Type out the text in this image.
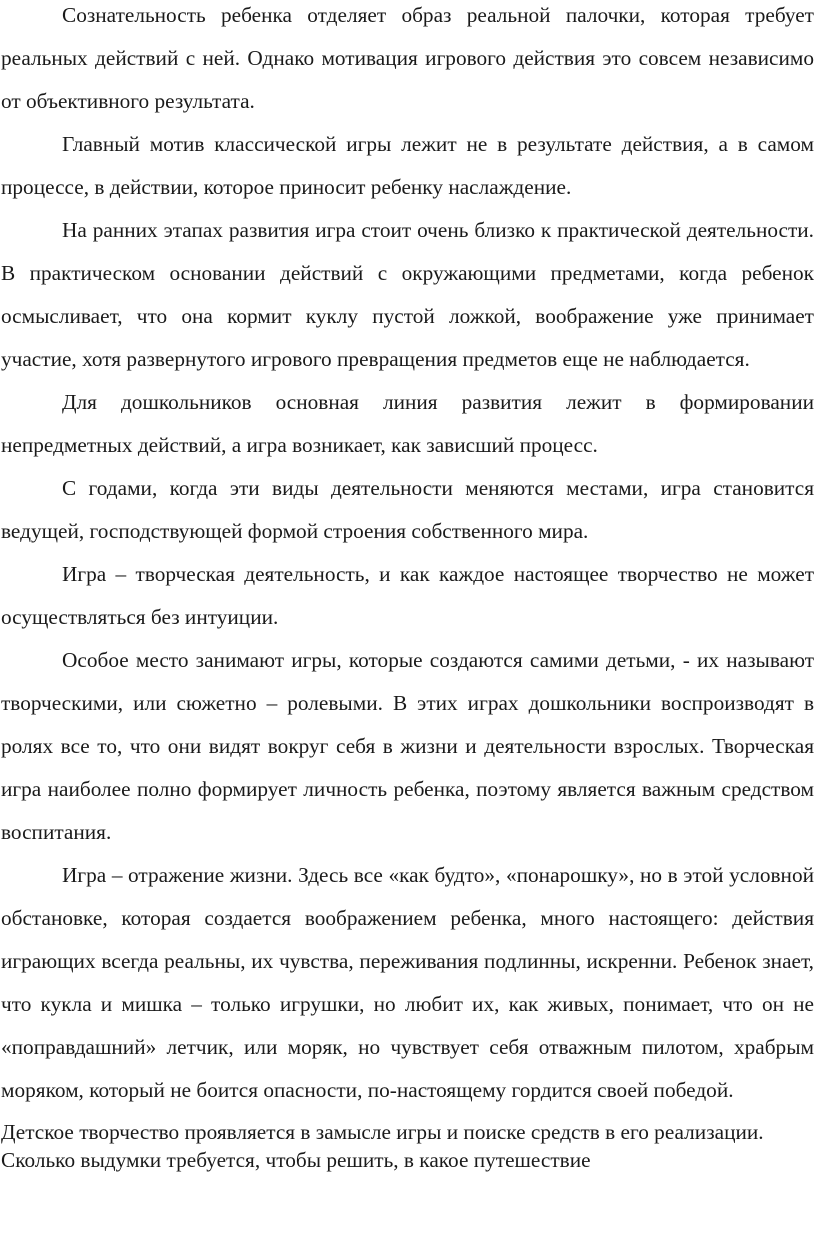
Сознательность ребенка отделяет образ реальной палочки, которая требует реальных действий с ней. Однако мотивация игрового действия это совсем независимо от объективного результата.

Главный мотив классической игры лежит не в результате действия, а в самом процессе, в действии, которое приносит ребенку наслаждение.

На ранних этапах развития игра стоит очень близко к практической деятельности. В практическом основании действий с окружающими предметами, когда ребенок осмысливает, что она кормит куклу пустой ложкой, воображение уже принимает участие, хотя развернутого игрового превращения предметов еще не наблюдается.

Для дошкольников основная линия развития лежит в формировании непредметных действий, а игра возникает, как зависший процесс.

С годами, когда эти виды деятельности меняются местами, игра становится ведущей, господствующей формой строения собственного мира.

Игра – творческая деятельность, и как каждое настоящее творчество не может осуществляться без интуиции.

Особое место занимают игры, которые создаются самими детьми, - их называют творческими, или сюжетно – ролевыми. В этих играх дошкольники воспроизводят в ролях все то, что они видят вокруг себя в жизни и деятельности взрослых. Творческая игра наиболее полно формирует личность ребенка, поэтому является важным средством воспитания.

Игра – отражение жизни. Здесь все «как будто», «понарошку», но в этой условной обстановке, которая создается воображением ребенка, много настоящего: действия играющих всегда реальны, их чувства, переживания подлинны, искренни. Ребенок знает, что кукла и мишка – только игрушки, но любит их, как живых, понимает, что он не «поправдашний» летчик, или моряк, но чувствует себя отважным пилотом, храбрым моряком, который не боится опасности, по-настоящему гордится своей победой.

Детское творчество проявляется в замысле игры и поиске средств в его реализации. Сколько выдумки требуется, чтобы решить, в какое путешествие
